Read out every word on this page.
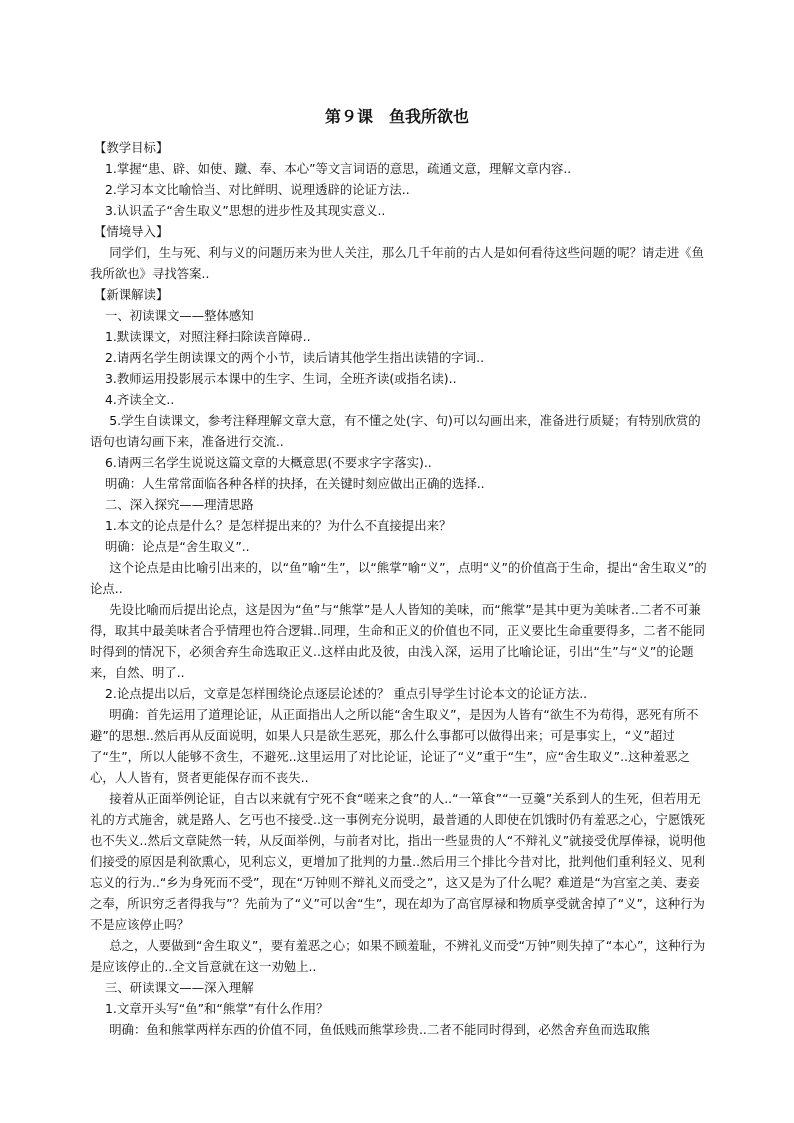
第９课　鱼我所欲也

【教学目标】

1.掌握“患、辟、如使、蹴、奉、本心”等文言词语的意思，疏通文意，理解文章内容..

2.学习本文比喻恰当、对比鲜明、说理透辟的论证方法..

3.认识孟子“舍生取义”思想的进步性及其现实意义..

【情境导入】

同学们，生与死、利与义的问题历来为世人关注，那么几千年前的古人是如何看待这些问题的呢？请走进《鱼我所欲也》寻找答案..

【新课解读】

一、初读课文——整体感知

1.默读课文，对照注释扫除读音障碍..

2.请两名学生朗读课文的两个小节，读后请其他学生指出读错的字词..

3.教师运用投影展示本课中的生字、生词，全班齐读(或指名读)..

4.齐读全文..

5.学生自读课文，参考注释理解文章大意，有不懂之处(字、句)可以勾画出来，准备进行质疑；有特别欣赏的语句也请勾画下来，准备进行交流..

6.请两三名学生说说这篇文章的大概意思(不要求字字落实)..

明确：人生常常面临各种各样的抉择，在关键时刻应做出正确的选择..

二、深入探究——理清思路

1.本文的论点是什么？是怎样提出来的？为什么不直接提出来？

明确：论点是“舍生取义”..

这个论点是由比喻引出来的，以“鱼”喻“生”，以“熊掌”喻“义”，点明“义”的价值高于生命，提出“舍生取义”的论点..

先设比喻而后提出论点，这是因为“鱼”与“熊掌”是人人皆知的美味，而“熊掌”是其中更为美味者..二者不可兼得，取其中最美味者合乎情理也符合逻辑..同理，生命和正义的价值也不同，正义要比生命重要得多，二者不能同时得到的情况下，必须舍弃生命选取正义..这样由此及彼，由浅入深，运用了比喻论证，引出“生”与“义”的论题来，自然、明了..

2.论点提出以后，文章是怎样围绕论点逐层论述的？ 重点引导学生讨论本文的论证方法..

明确：首先运用了道理论证，从正面指出人之所以能“舍生取义”，是因为人皆有“欲生不为苟得，恶死有所不避”的思想..然后再从反面说明，如果人只是欲生恶死，那么什么事都可以做得出来；可是事实上，“义”超过了“生”，所以人能够不贪生，不避死..这里运用了对比论证，论证了“义”重于“生”，应“舍生取义”..这种羞恶之心，人人皆有，贤者更能保存而不丧失..

接着从正面举例论证，自古以来就有宁死不食“嗟来之食”的人..“一箪食”“一豆羹”关系到人的生死，但若用无礼的方式施舍，就是路人、乞丐也不接受..这一事例充分说明，最普通的人即使在饥饿时仍有羞恶之心，宁愿饿死也不失义..然后文章陡然一转，从反面举例，与前者对比，指出一些显贵的人“不辩礼义”就接受优厚俸禄，说明他们接受的原因是利欲熏心，见利忘义，更增加了批判的力量..然后用三个排比今昔对比，批判他们重利轻义、见利忘义的行为..“乡为身死而不受”，现在“万钟则不辩礼义而受之”，这又是为了什么呢？难道是“为宫室之美、妻妾之奉，所识穷乏者得我与”？先前为了“义”可以舍“生”，现在却为了高官厚禄和物质享受就舍掉了“义”，这种行为不是应该停止吗？

总之，人要做到“舍生取义”，要有羞恶之心；如果不顾羞耻，不辨礼义而受“万钟”则失掉了“本心”，这种行为是应该停止的..全文旨意就在这一劝勉上..

三、研读课文——深入理解

1.文章开头写“鱼”和“熊掌”有什么作用？

明确：鱼和熊掌两样东西的价值不同，鱼低贱而熊掌珍贵..二者不能同时得到，必然舍弃鱼而选取熊
